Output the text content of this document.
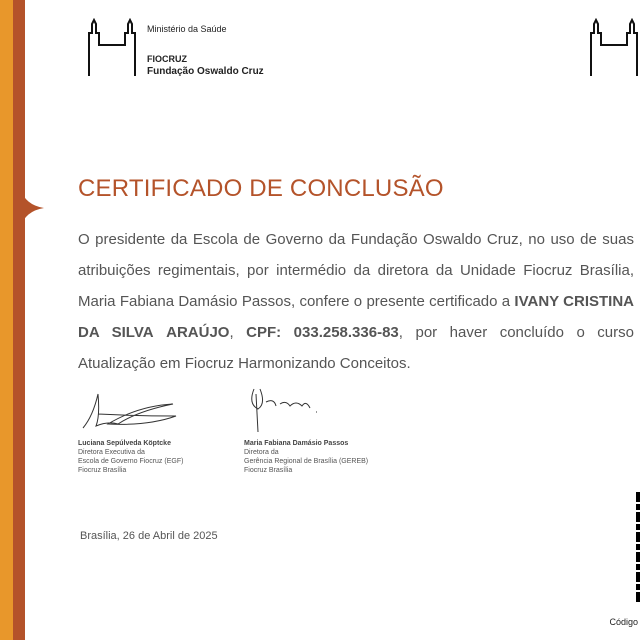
Ministério da Saúde
FIOCRUZ
Fundação Oswaldo Cruz
CERTIFICADO DE CONCLUSÃO
O presidente da Escola de Governo da Fundação Oswaldo Cruz, no uso de suas atribuições regimentais, por intermédio da diretora da Unidade Fiocruz Brasília, Maria Fabiana Damásio Passos, confere o presente certificado a IVANY CRISTINA DA SILVA ARAÚJO, CPF: 033.258.336-83, por haver concluído o curso Atualização em Fiocruz Harmonizando Conceitos.
Luciana Sepúlveda Köptcke
Diretora Executiva da
Escola de Governo Fiocruz (EGF)
Fiocruz Brasília
Maria Fabiana Damásio Passos
Diretora da
Gerência Regional de Brasília (GEREB)
Fiocruz Brasília
Brasília, 26 de Abril de 2025
Código
